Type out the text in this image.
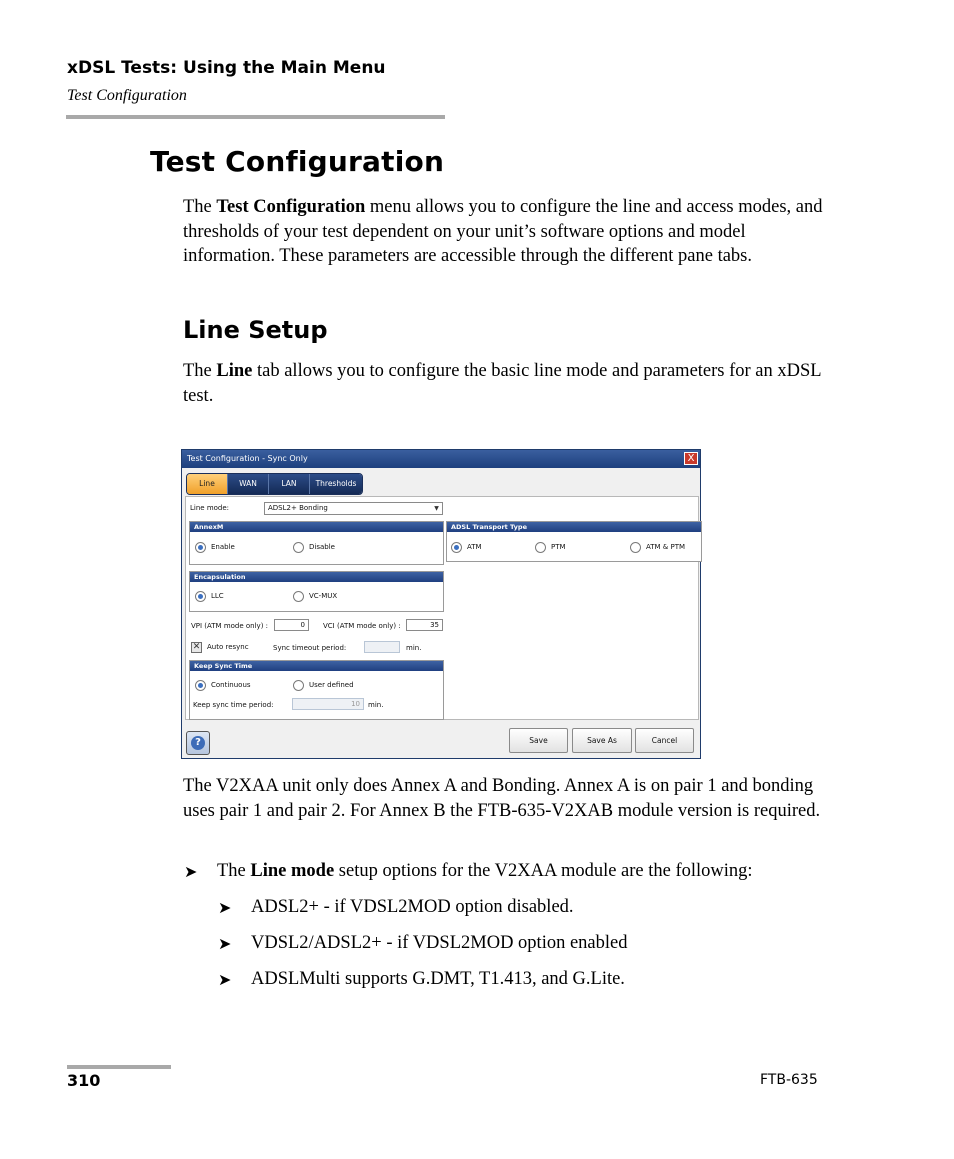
xDSL Tests: Using the Main Menu
Test Configuration
Test Configuration
The Test Configuration menu allows you to configure the line and access modes, and thresholds of your test dependent on your unit’s software options and model information. These parameters are accessible through the different pane tabs.
Line Setup
The Line tab allows you to configure the basic line mode and parameters for an xDSL test.
Test Configuration - Sync Only	X
Line	WAN	LAN	Thresholds
Line mode:	ADSL2+ Bonding	▼
AnnexM
Enable	Disable
ADSL Transport Type
ATM	PTM	ATM & PTM
Encapsulation
LLC	VC-MUX
VPI (ATM mode only) :	0	VCI (ATM mode only) :	35
✕ Auto resync	Sync timeout period:	min.
Keep Sync Time
Continuous	User defined
Keep sync time period:	10	min.
?	Save	Save As	Cancel
The V2XAA unit only does Annex A and Bonding. Annex A is on pair 1 and bonding uses pair 1 and pair 2. For Annex B the FTB-635-V2XAB module version is required.
➤ The Line mode setup options for the V2XAA module are the following:
➤ ADSL2+ - if VDSL2MOD option disabled.
➤ VDSL2/ADSL2+ - if VDSL2MOD option enabled
➤ ADSLMulti supports G.DMT, T1.413, and G.Lite.
310	FTB-635
